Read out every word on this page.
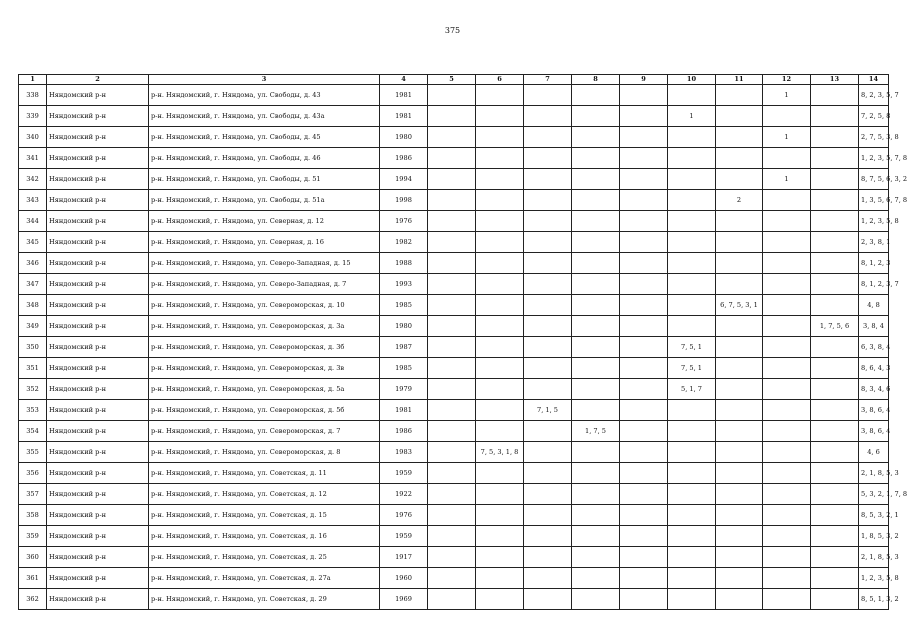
375
1	2	3	4	5	6	7	8	9	10	11	12	13	14
338	Няндомский р-н	р-н. Няндомский, г. Няндома, ул. Свободы, д. 43	1981								1		8, 2, 3, 5, 7
339	Няндомский р-н	р-н. Няндомский, г. Няндома, ул. Свободы, д. 43а	1981						1				7, 2, 5, 8
340	Няндомский р-н	р-н. Няндомский, г. Няндома, ул. Свободы, д. 45	1980								1		2, 7, 5, 3, 8
341	Няндомский р-н	р-н. Няндомский, г. Няндома, ул. Свободы, д. 46	1986										1, 2, 3, 5, 7, 8
342	Няндомский р-н	р-н. Няндомский, г. Няндома, ул. Свободы, д. 51	1994								1		8, 7, 5, 6, 3, 2
343	Няндомский р-н	р-н. Няндомский, г. Няндома, ул. Свободы, д. 51а	1998							2			1, 3, 5, 6, 7, 8
344	Няндомский р-н	р-н. Няндомский, г. Няндома, ул. Северная, д. 12	1976										1, 2, 3, 5, 8
345	Няндомский р-н	р-н. Няндомский, г. Няндома, ул. Северная, д. 16	1982										2, 3, 8, 1
346	Няндомский р-н	р-н. Няндомский, г. Няндома, ул. Северо-Западная, д. 15	1988										8, 1, 2, 3
347	Няндомский р-н	р-н. Няндомский, г. Няндома, ул. Северо-Западная, д. 7	1993										8, 1, 2, 3, 7
348	Няндомский р-н	р-н. Няндомский, г. Няндома, ул. Североморская, д. 10	1985							6, 7, 5, 3, 1			4, 8
349	Няндомский р-н	р-н. Няндомский, г. Няндома, ул. Североморская, д. 3а	1980									1, 7, 5, 6	3, 8, 4
350	Няндомский р-н	р-н. Няндомский, г. Няндома, ул. Североморская, д. 3б	1987						7, 5, 1				6, 3, 8, 4
351	Няндомский р-н	р-н. Няндомский, г. Няндома, ул. Североморская, д. 3в	1985						7, 5, 1				8, 6, 4, 3
352	Няндомский р-н	р-н. Няндомский, г. Няндома, ул. Североморская, д. 5а	1979						5, 1, 7				8, 3, 4, 6
353	Няндомский р-н	р-н. Няндомский, г. Няндома, ул. Североморская, д. 5б	1981			7, 1, 5							3, 8, 6, 4
354	Няндомский р-н	р-н. Няндомский, г. Няндома, ул. Североморская, д. 7	1986				1, 7, 5						3, 8, 6, 4
355	Няндомский р-н	р-н. Няндомский, г. Няндома, ул. Североморская, д. 8	1983		7, 5, 3, 1, 8								4, 6
356	Няндомский р-н	р-н. Няндомский, г. Няндома, ул. Советская, д. 11	1959										2, 1, 8, 5, 3
357	Няндомский р-н	р-н. Няндомский, г. Няндома, ул. Советская, д. 12	1922										5, 3, 2, 1, 7, 8
358	Няндомский р-н	р-н. Няндомский, г. Няндома, ул. Советская, д. 15	1976										8, 5, 3, 2, 1
359	Няндомский р-н	р-н. Няндомский, г. Няндома, ул. Советская, д. 16	1959										1, 8, 5, 3, 2
360	Няндомский р-н	р-н. Няндомский, г. Няндома, ул. Советская, д. 25	1917										2, 1, 8, 5, 3
361	Няндомский р-н	р-н. Няндомский, г. Няндома, ул. Советская, д. 27а	1960										1, 2, 3, 5, 8
362	Няндомский р-н	р-н. Няндомский, г. Няндома, ул. Советская, д. 29	1969										8, 5, 1, 3, 2
